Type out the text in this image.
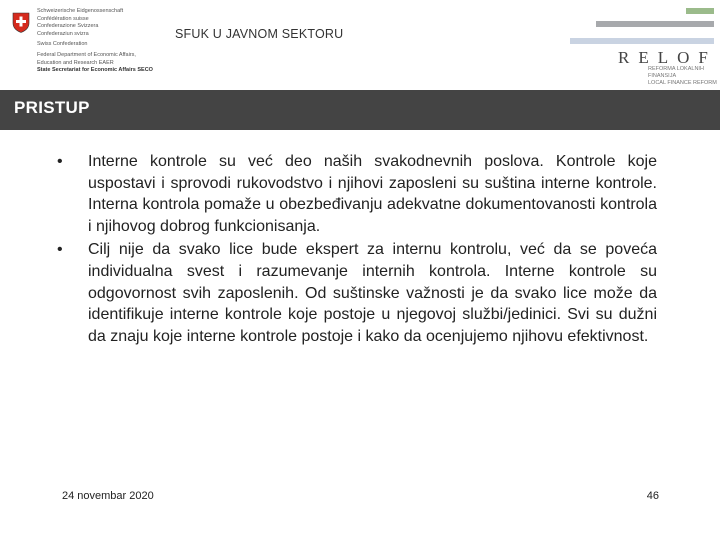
Schweizerische Eidgenossenschaft
Confédération suisse
Confederazione Svizzera
Confederaziun svizra
Swiss Confederation
Federal Department of Economic Affairs,
Education and Research EAER
State Secretariat for Economic Affairs SECO
SFUK U JAVNOM SEKTORU
RELOF
REFORMA LOKALNIH FINANSIJA
LOCAL FINANCE REFORM
PRISTUP
• Interne kontrole su već deo naših svakodnevnih poslova. Kontrole koje uspostavi i sprovodi rukovodstvo i njihovi zaposleni su suština interne kontrole. Interna kontrola pomaže u obezbeđivanju adekvatne dokumentovanosti kontrola i njihovog dobrog funkcionisanja.
• Cilj nije da svako lice bude ekspert za internu kontrolu, već da se poveća individualna svest i razumevanje internih kontrola. Interne kontrole su odgovornost svih zaposlenih. Od suštinske važnosti je da svako lice može da identifikuje interne kontrole koje postoje u njegovoj službi/jedinici. Svi su dužni da znaju koje interne kontrole postoje i kako da ocenjujemo njihovu efektivnost.
24 novembar 2020	46
